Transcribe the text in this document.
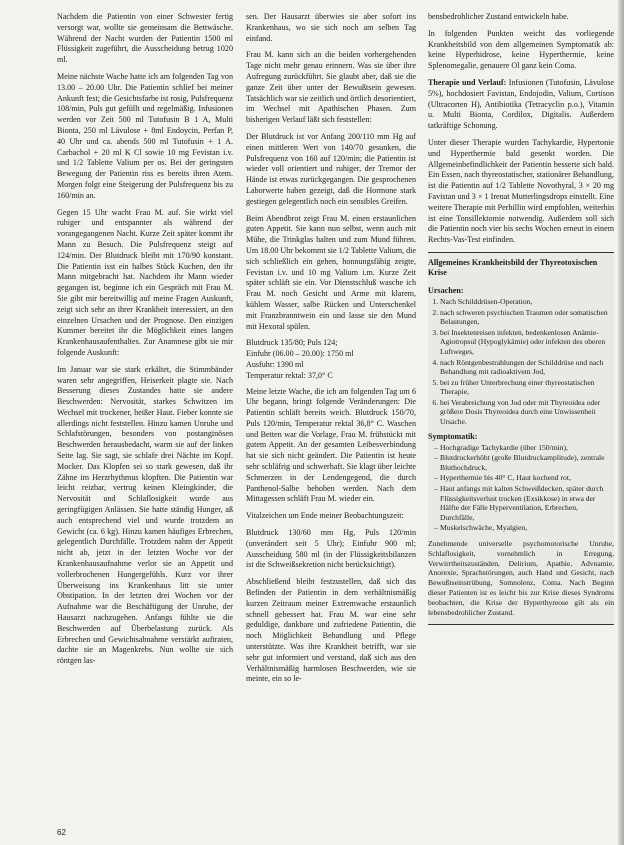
Nachdem die Patientin von einer Schwester fertig versorgt war, wollte sie gemeinsam die Bettwäsche. Während der Nacht wurden der Patientin 1500 ml Flüssigkeit zugeführt, die Ausscheidung betrug 1020 ml.

Meine nächste Wache hatte ich am folgenden Tag von 13.00 – 20.00 Uhr. Die Patientin schlief bei meiner Ankunft fest; die Gesichtsfarbe ist rosig, Pulsfrequenz 108/min, Puls gut gefüllt und regelmäßig. Infusionen werden vor Zeit 500 ml Tutofusin B 1 A, Multi Bionta, 250 ml Lävulose + 8ml Endoycin, Perfan P, 40 Uhr und ca. abends 500 ml Tutofusin + 1 A. Carbachol + 20 ml K Cl sowie 10 mg Fevistan i.v. und 1/2 Tablette Valium per os. Bei der geringsten Bewegung der Patientin riss es bereits ihren Atem. Morgen folgt eine Steigerung der Pulsfrequenz bis zu 160/min an.

Gegen 15 Uhr wacht Frau M. auf. Sie wirkt viel ruhiger und entspannter als während der vorangegangenen Nacht. Kurze Zeit später kommt ihr Mann zu Besuch. Die Pulsfrequenz steigt auf 124/min. Der Blutdruck bleibt mit 170/90 konstant. Die Patientin isst ein halbes Stück Kuchen, den ihr Mann mitgebracht hat. Nachdem ihr Mann wieder gegangen ist, beginne ich ein Gespräch mit Frau M. Sie gibt mir bereitwillig auf meine Fragen Auskunft, zeigt sich sehr an ihrer Krankheit interessiert, an den einzelnen Ursachen und der Prognose. Den einzigen Kummer bereitet ihr die Möglichkeit eines langen Krankenhausaufenthaltes. Zur Anamnese gibt sie mir folgende Auskunft:

Im Januar war sie stark erkältet, die Stimmbänder waren sehr angegriffen, Heiserkeit plagte sie. Nach Besserung dieses Zustandes hatte sie andere Beschwerden: Nervosität, starkes Schwitzen im Wechsel mit trockener, heißer Haut. Fieber konnte sie allerdings nicht feststellen. Hinzu kamen Unruhe und Schlafstörungen, besonders von postanginösen Beschwerden herausbedacht, warm sie auf der linken Seite lag. Sie sagt, sie schlafe drei Nächte im Kopf. Mocker. Das Klopfen sei so stark gewesen, daß ihr Zähne im Herzrhythmus klopften. Die Patientin war leicht reizbar, vertrug keinen Kleingkinder, die Nervosität und Schlaflosigkeit wurde aus geringfügigen Anlässen. Sie hatte ständig Hunger, aß auch entsprechend viel und wurde trotzdem an Gewicht (ca. 6 kg). Hinzu kamen häufiges Erbrechen, gelegentlich Durchfälle. Trotzdem nahm der Appetit nicht ab, jetzt in der letzten Woche vor der Krankenhausaufnahme verlor sie an Appetit und vollerbrochenen Hungergefühls. Kurz vor ihrer Überweisung ins Krankenhaus litt sie unter Obstipation. In der letzten drei Wochen vor der Aufnahme war die Beschäftigung der Unruhe, der Hausarzt nachzugehen. Anfangs fühlte sie die Beschwerden auf Überbelastung zurück. Als Erbrechen und Gewichtsabnahme verstärkt auftraten, dachte sie an Magenkrebs. Nun wollte sie sich röntgen las-

sen. Der Hausarzt überwies sie aber sofort ins Krankenhaus, wo sie sich noch am selben Tag einfand.

Frau M. kann sich an die beiden vorhergehenden Tage nicht mehr genau erinnern. Was sie über ihre Aufregung zurückführt. Sie glaubt aber, daß sie die ganze Zeit über unter der Bewußtsein gewesen. Tatsächlich war sie zeitlich und örtlich desorientiert, im Wechsel mit Apathischen Phasen. Zum bisherigen Verlauf läßt sich feststellen:

Der Blutdruck ist vor Anfang 200/110 mm Hg auf einen mittleren Wert von 140/70 gesunken, die Pulsfrequenz von 160 auf 120/min; die Patientin ist wieder voll orientiert und ruhiger, der Tremor der Hände ist etwas zurückgegangen. Die gesprochenen Laborwerte haben gezeigt, daß die Hormone stark gestiegen gelegentlich noch ein sensibles Greifen.

Beim Abendbrot zeigt Frau M. einen erstaunlichen guten Appetit. Sie kann nun selbst, wenn auch mit Mühe, die Trinkglas halten und zum Mund führen. Um 18.00 Uhr bekommt sie 1/2 Tablette Valium, die sich schließlich ein gehen, honnungsfähig zeigte, Fevistan i.v. und 10 mg Valium i.m. Kurze Zeit später schläft sie ein. Vor Dienstschluß wasche ich Frau M. noch Gesicht und Arme mit klarem, kühlem Wasser, salbe Rücken und Unterschenkel mit Franzbranntwein ein und lasse sie den Mund mit Hexoral spülen.

Blutdruck 135/80; Puls 124;
Einfuhr (06.00 – 20.00): 1750 ml
Ausfuhr: 1390 ml
Temperatur rektal: 37,0° C

Meine letzte Wache, die ich am folgenden Tag um 6 Uhr begann, bringt folgende Veränderungen: Die Patientin schläft bereits weich. Blutdruck 150/70, Puls 120/min, Temperatur rektal 36,8° C. Waschen und Betten war die Vorlage, Frau M. frühstückt mit gutem Appetit. An der gesamten Leibesverbindung hat sie sich nicht geändert. Die Patientin ist heute sehr schläfrig und schwerhaft. Sie klagt über leichte Schmerzen in der Lendengegend, die durch Panthenol-Salbe behoben werden. Nach dem Mittagessen schläft Frau M. wieder ein.

Vitalzeichen um Ende meiner Beobachtungszeit:

Blutdruck 130/60 mm Hg, Puls 120/min (unverändert seit 5 Uhr); Einfuhr 900 ml; Ausscheidung 580 ml (in der Flüssigkeitsbilanzen ist die Schweißsekretion nicht berücksichtigt).

Abschließend bleibt festzustellen, daß sich das Befinden der Patientin in dem verhältnismäßig kurzen Zeitraum meiner Extremwache erstaunlich schnell gebessert hat. Frau M. war eine sehr geduldige, dankbare und zufriedene Patientin, die noch Möglichkeit Behandlung und Pflege unterstützte. Was ihre Krankheit betrifft, war sie sehr gut informiert und verstand, daß sich aus den Verhältnismäßig harmlosen Beschwerden, wie sie meinte, ein so le-

bensbedrohlicher Zustand entwickeln habe.

In folgenden Punkten weicht das vorliegende Krankheitsbild von dem allgemeinen Symptomatik ab: keine Hyperhidrose, keine Hyperthermie, keine Splenomegalie, genauere Ol ganz kein Coma.

Therapie und Verlauf: Infusionen (Tutofusin, Lävulose 5%), hochdosiert Favistan, Endojodin, Valium, Cortison (Ultracorten H), Antibiotika (Tetracyclin p.o.), Vitamin u. Multi Bionta, Cordilox, Digitalis. Außerdem tatkräftige Schonung.

Unter dieser Therapie wurden Tachykardie, Hypertonie und Hyperthermie bald gesenkt worden. Die Allgemeinbefindlichkeit der Patientin besserte sich bald. Ein Essen, nach thyreostatischer, stationärer Behandlung, ist die Patientin auf 1/2 Tablette Novothyral, 3 × 20 mg Favistan und 3 × 1 Irenat Mutterlingsdrops einstellt. Eine weitere Therapie mit Perhillin wird empfohlen, weiterhin ist eine Tonsillektomie notwendig. Außerdem soll sich die Patientin noch vier bis sechs Wochen erneut in einem Rechts-Vas-Test einfinden.

Allgemeines Krankheitsbild der Thyreotoxischen Krise
Ursachen:
1. Nach Schilddrüsen-Operation,
2. nach schweren psychischen Traumen oder somatischen Belastungen,
3. bei Insektenreisen infekten, bedenkenlosen Anämie-Agiotropsul (Hypoglykämie) oder infekten des oberen Luftweges,
4. nach Röntgenbestrahlungen der Schilddrüse und nach Behandlung mit radioaktivem Jod,
5. bei zu früher Unterbrechung einer thyreostatischen Therapie,
6. bei Verabreichung von Jod oder mit Thyreoidea oder größere Dosis Thyreoidea durch eine Unwissenheit Ursache.
Symptomatik:
– Hochgradige Tachykardie (über 150/min),
– Blutdruckerhöht (große Blutdruckamplitude), zentrale Bluthochdruck,
– Hyperthermie bis 40° C, Haut kochend rot,
– Haut anfangs mit kalten Schweißdecken, später durch Flüssigkeitsverlust trocken (Exsikkose) in etwa der Hälfte der Fälle Hyperventilation, Erbrechen, Durchfälle,
– Muskelschwäche, Myalgien,

Zunehmende universelle psychomotorische Unruhe, Schlaflosigkeit, vornehmlich in Erregung, Verwirrtheitszuständen, Delirium, Apathie, Advnamie, Anorexie, Sprachstörungen, auch Hand und Gesicht, nach Bewußtseinstrübung, Somnolenz, Coma. Nach Beginn dieser Patienten ist es leicht bis zur Krise dieses Syndroms beobachten, die Krise der Hyperthyreose gilt als ein lebensbedrohlicher Zustand.

62
